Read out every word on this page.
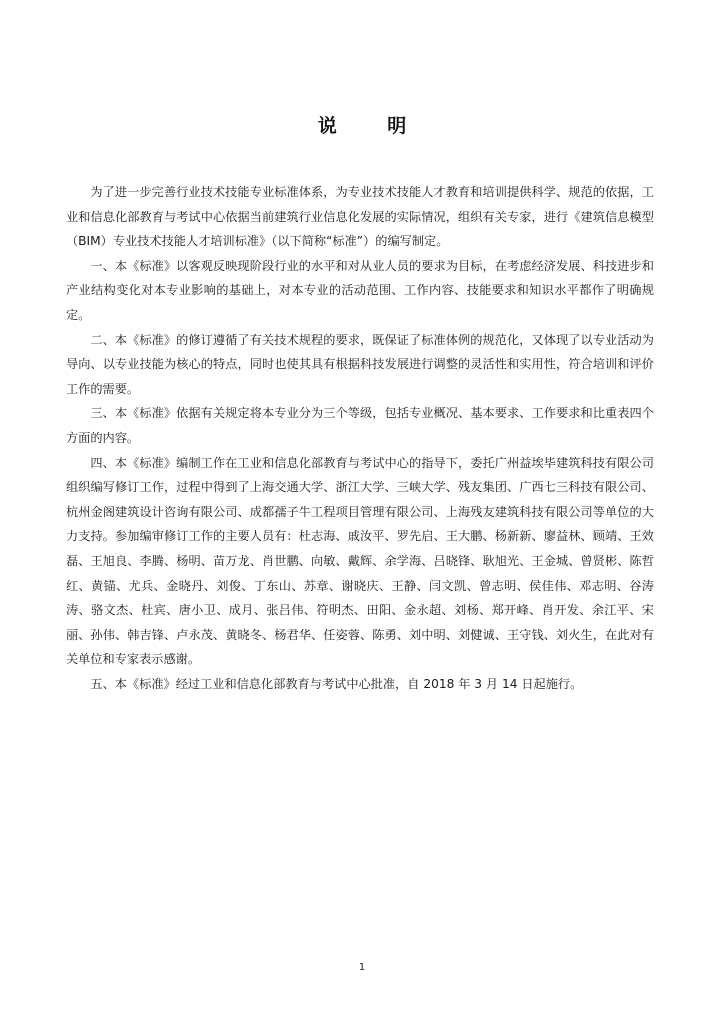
说 明

为了进一步完善行业技术技能专业标准体系，为专业技术技能人才教育和培训提供科学、规范的依据，工业和信息化部教育与考试中心依据当前建筑行业信息化发展的实际情况，组织有关专家，进行《建筑信息模型（BIM）专业技术技能人才培训标准》（以下简称“标准”）的编写制定。

一、本《标准》以客观反映现阶段行业的水平和对从业人员的要求为目标，在考虑经济发展、科技进步和产业结构变化对本专业影响的基础上，对本专业的活动范围、工作内容、技能要求和知识水平都作了明确规定。

二、本《标准》的修订遵循了有关技术规程的要求，既保证了标准体例的规范化，又体现了以专业活动为导向、以专业技能为核心的特点，同时也使其具有根据科技发展进行调整的灵活性和实用性，符合培训和评价工作的需要。

三、本《标准》依据有关规定将本专业分为三个等级，包括专业概况、基本要求、工作要求和比重表四个方面的内容。

四、本《标准》编制工作在工业和信息化部教育与考试中心的指导下，委托广州益埃毕建筑科技有限公司组织编写修订工作，过程中得到了上海交通大学、浙江大学、三峡大学、残友集团、广西七三科技有限公司、杭州金阁建筑设计咨询有限公司、成都孺子牛工程项目管理有限公司、上海残友建筑科技有限公司等单位的大力支持。参加编审修订工作的主要人员有：杜志海、戚汝平、罗先启、王大鹏、杨新新、廖益林、顾靖、王效磊、王旭良、李腾、杨明、苗万龙、肖世鹏、向敏、戴辉、余学海、吕晓锋、耿旭光、王金城、曾贤彬、陈哲红、黄锚、尤兵、金晓丹、刘俊、丁东山、苏章、谢晓庆、王静、闫文凯、曾志明、侯佳伟、邓志明、谷涛涛、骆文杰、杜宾、唐小卫、成月、张吕伟、符明杰、田阳、金永超、刘杨、郑开峰、肖开发、余江平、宋丽、孙伟、韩吉锋、卢永茂、黄晓冬、杨君华、任姿蓉、陈勇、刘中明、刘健诚、王守钱、刘火生，在此对有关单位和专家表示感谢。

五、本《标准》经过工业和信息化部教育与考试中心批准，自 2018 年 3 月 14 日起施行。

1
